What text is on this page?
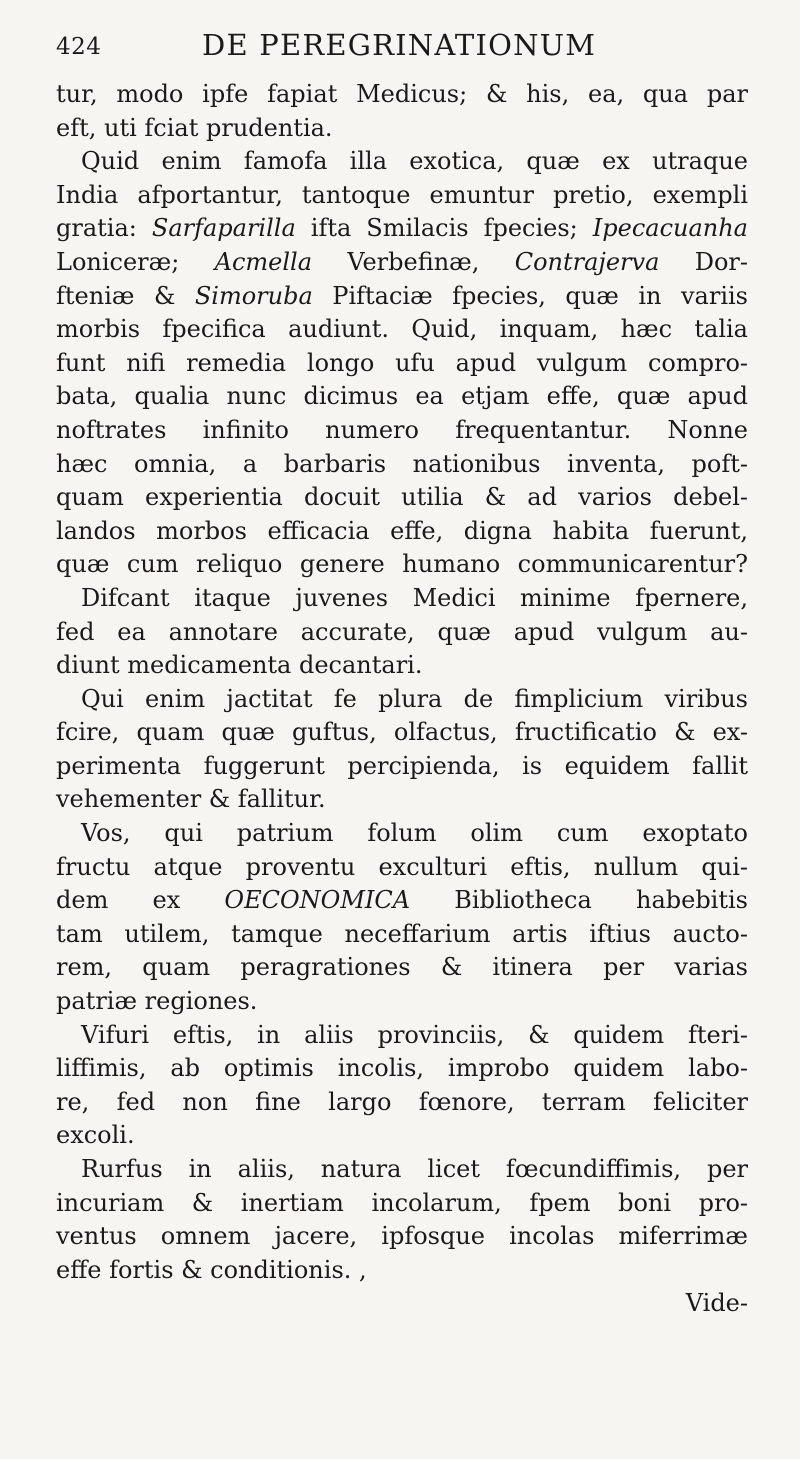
424	DE PEREGRINATIONUM
tur, modo ipfe fapiat Medicus; & his, ea, qua par
eft, uti fciat prudentia.
Quid enim famofa illa exotica, quæ ex utraque
India afportantur, tantoque emuntur pretio, exempli
gratia: Sarfaparilla ifta Smilacis fpecies; Ipecacuanha
Loniceræ; Acmella Verbefinæ, Contrajerva Dor-
fteniæ & Simoruba Piftaciæ fpecies, quæ in variis
morbis fpecifica audiunt. Quid, inquam, hæc talia
funt nifi remedia longo ufu apud vulgum compro-
bata, qualia nunc dicimus ea etjam effe, quæ apud
noftrates infinito numero frequentantur. Nonne
hæc omnia, a barbaris nationibus inventa, poft-
quam experientia docuit utilia & ad varios debel-
landos morbos efficacia effe, digna habita fuerunt,
quæ cum reliquo genere humano communicarentur?
Difcant itaque juvenes Medici minime fpernere,
fed ea annotare accurate, quæ apud vulgum au-
diunt medicamenta decantari.
Qui enim jactitat fe plura de fimplicium viribus
fcire, quam quæ guftus, olfactus, fructificatio & ex-
perimenta fuggerunt percipienda, is equidem fallit
vehementer & fallitur.
Vos, qui patrium folum olim cum exoptato
fructu atque proventu exculturi eftis, nullum qui-
dem ex OECONOMICA Bibliotheca habebitis
tam utilem, tamque neceffarium artis iftius aucto-
rem, quam peragrationes & itinera per varias
patriæ regiones.
Vifuri eftis, in aliis provinciis, & quidem fteri-
liffimis, ab optimis incolis, improbo quidem labo-
re, fed non fine largo fœnore, terram feliciter
excoli.
Rurfus in aliis, natura licet fœcundiffimis, per
incuriam & inertiam incolarum, fpem boni pro-
ventus omnem jacere, ipfosque incolas miferrimæ
effe fortis & conditionis. ,
Vide-
